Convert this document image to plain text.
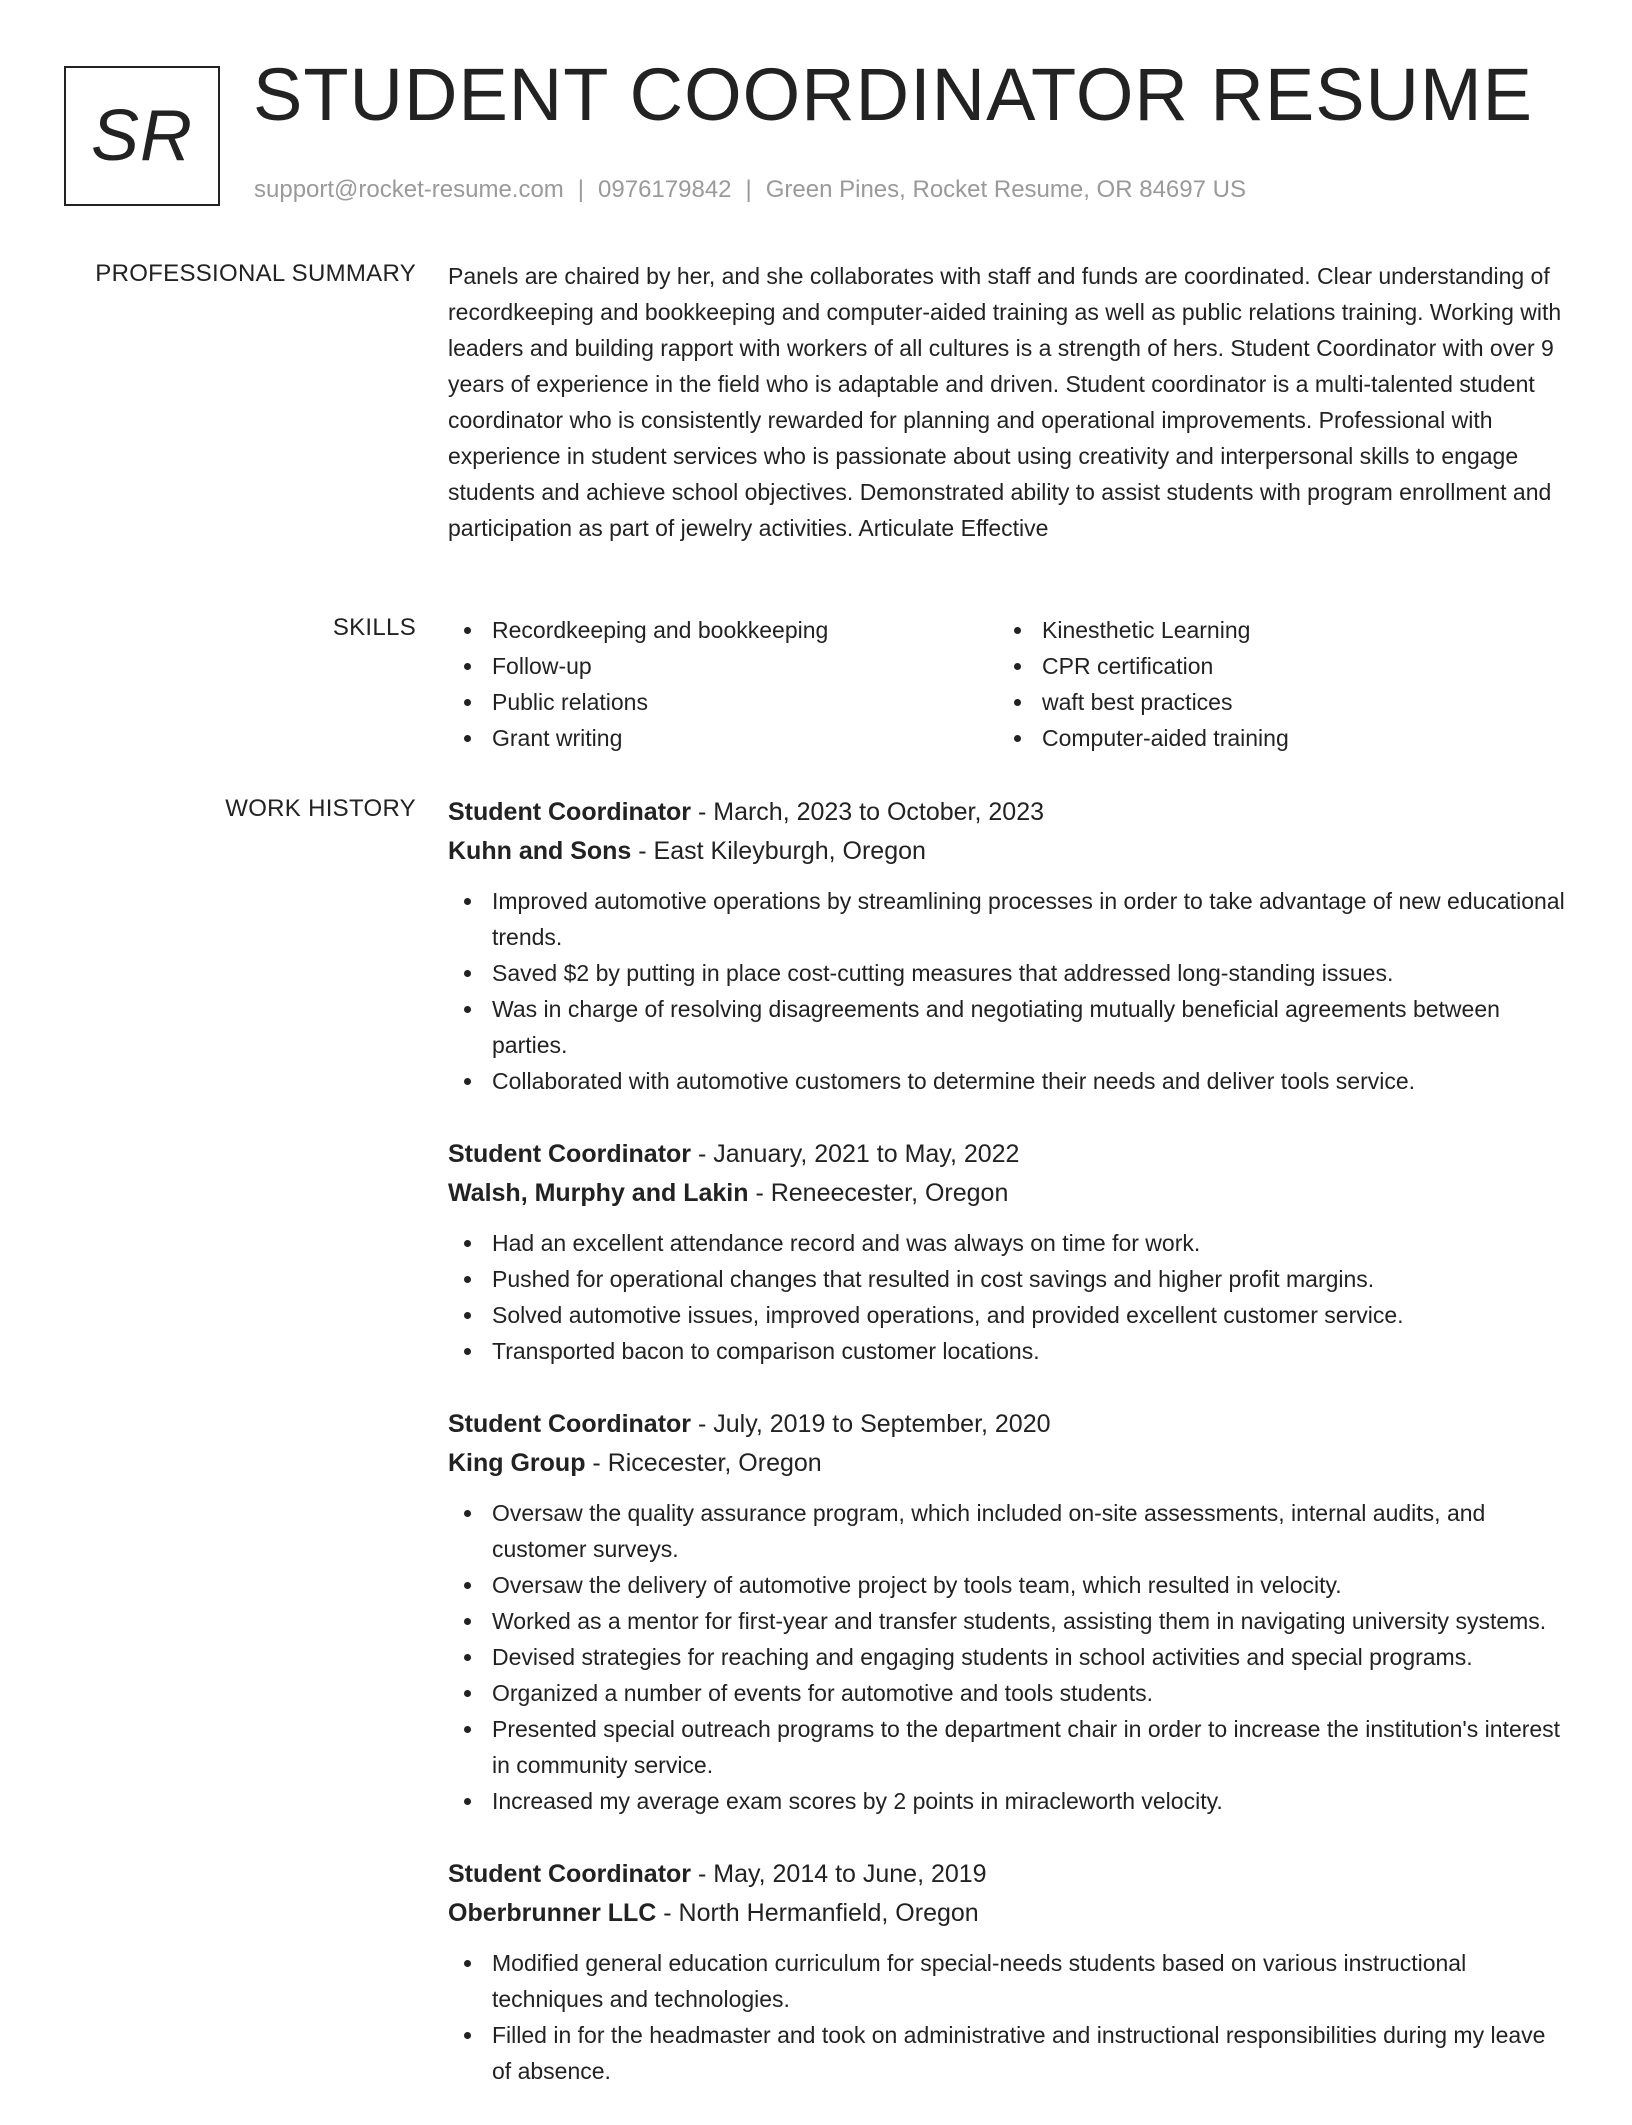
SR STUDENT COORDINATOR RESUME
support@rocket-resume.com | 0976179842 | Green Pines, Rocket Resume, OR 84697 US
PROFESSIONAL SUMMARY Panels are chaired by her, and she collaborates with staff and funds are coordinated. Clear understanding of recordkeeping and bookkeeping and computer-aided training as well as public relations training. Working with leaders and building rapport with workers of all cultures is a strength of hers. Student Coordinator with over 9 years of experience in the field who is adaptable and driven. Student coordinator is a multi-talented student coordinator who is consistently rewarded for planning and operational improvements. Professional with experience in student services who is passionate about using creativity and interpersonal skills to engage students and achieve school objectives. Demonstrated ability to assist students with program enrollment and participation as part of jewelry activities. Articulate Effective

SKILLS	Recordkeeping and bookkeeping
Follow-up
Public relations
Grant writing
Kinesthetic Learning
CPR certification
waft best practices
Computer-aided training
WORK HISTORY Student Coordinator - March, 2023 to October, 2023
Kuhn and Sons - East Kileyburgh, Oregon
Improved automotive operations by streamlining processes in order to take advantage of new educational trends.
Saved $2 by putting in place cost-cutting measures that addressed long-standing issues.
Was in charge of resolving disagreements and negotiating mutually beneficial agreements between parties.
Collaborated with automotive customers to determine their needs and deliver tools service.
Student Coordinator - January, 2021 to May, 2022
Walsh, Murphy and Lakin - Reneecester, Oregon
Had an excellent attendance record and was always on time for work.
Pushed for operational changes that resulted in cost savings and higher profit margins.
Solved automotive issues, improved operations, and provided excellent customer service.
Transported bacon to comparison customer locations.
Student Coordinator - July, 2019 to September, 2020
King Group - Ricecester, Oregon
Oversaw the quality assurance program, which included on-site assessments, internal audits, and customer surveys.
Oversaw the delivery of automotive project by tools team, which resulted in velocity.
Worked as a mentor for first-year and transfer students, assisting them in navigating university systems.
Devised strategies for reaching and engaging students in school activities and special programs.
Organized a number of events for automotive and tools students.
Presented special outreach programs to the department chair in order to increase the institution's interest in community service.
Increased my average exam scores by 2 points in miracleworth velocity.
Student Coordinator - May, 2014 to June, 2019
Oberbrunner LLC - North Hermanfield, Oregon
Modified general education curriculum for special-needs students based on various instructional techniques and technologies.
Filled in for the headmaster and took on administrative and instructional responsibilities during my leave of absence.
